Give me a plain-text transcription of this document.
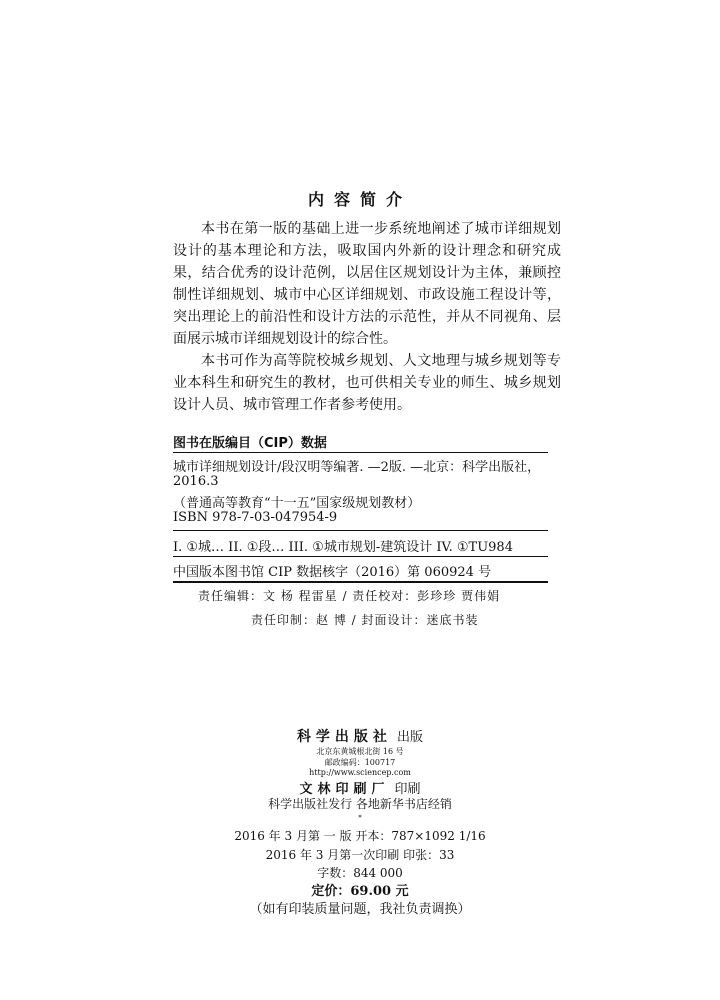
内容简介

本书在第一版的基础上进一步系统地阐述了城市详细规划设计的基本理论和方法，吸取国内外新的设计理念和研究成果，结合优秀的设计范例，以居住区规划设计为主体，兼顾控制性详细规划、城市中心区详细规划、市政设施工程设计等，突出理论上的前沿性和设计方法的示范性，并从不同视角、层面展示城市详细规划设计的综合性。

本书可作为高等院校城乡规划、人文地理与城乡规划等专业本科生和研究生的教材，也可供相关专业的师生、城乡规划设计人员、城市管理工作者参考使用。

图书在版编目（CIP）数据
城市详细规划设计/段汉明等编著. —2版. —北京：科学出版社，
2016.3
（普通高等教育“十一五”国家级规划教材）
ISBN 978-7-03-047954-9
I. ①城… II. ①段… III. ①城市规划-建筑设计 IV. ①TU984
中国版本图书馆 CIP 数据核字（2016）第 060924 号
责任编辑：文 杨 程雷星 / 责任校对：彭珍珍 贾伟娟
责任印制：赵 博 / 封面设计：迷底书装
科学出版社 出版
北京东黄城根北街 16 号
邮政编码：100717
http://www.sciencep.com
文林印刷厂 印刷
科学出版社发行 各地新华书店经销
*
2016 年 3 月第 一 版 开本：787×1092 1/16
2016 年 3 月第一次印刷 印张：33
字数：844 000
定价：69.00 元
（如有印装质量问题，我社负责调换）
